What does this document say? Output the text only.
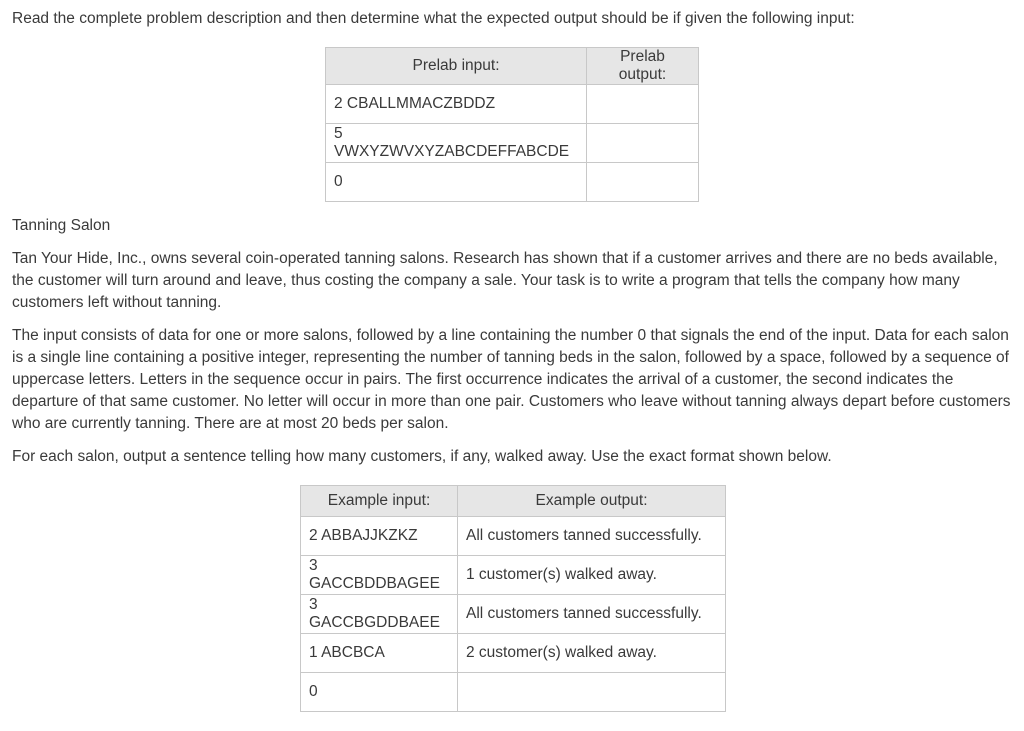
Read the complete problem description and then determine what the expected output should be if given the following input:

Prelab input:	Prelab output:
2 CBALLMMACZBDDZ	
5 VWXYZWVXYZABCDEFFABCDE	
0	
Tanning Salon

Tan Your Hide, Inc., owns several coin-operated tanning salons. Research has shown that if a customer arrives and there are no beds available, the customer will turn around and leave, thus costing the company a sale. Your task is to write a program that tells the company how many customers left without tanning.

The input consists of data for one or more salons, followed by a line containing the number 0 that signals the end of the input. Data for each salon is a single line containing a positive integer, representing the number of tanning beds in the salon, followed by a space, followed by a sequence of uppercase letters. Letters in the sequence occur in pairs. The first occurrence indicates the arrival of a customer, the second indicates the departure of that same customer. No letter will occur in more than one pair. Customers who leave without tanning always depart before customers who are currently tanning. There are at most 20 beds per salon.

For each salon, output a sentence telling how many customers, if any, walked away. Use the exact format shown below.

Example input:	Example output:
2 ABBAJJKZKZ	All customers tanned successfully.
3 GACCBDDBAGEE	1 customer(s) walked away.
3 GACCBGDDBAEE	All customers tanned successfully.
1 ABCBCA	2 customer(s) walked away.
0	
